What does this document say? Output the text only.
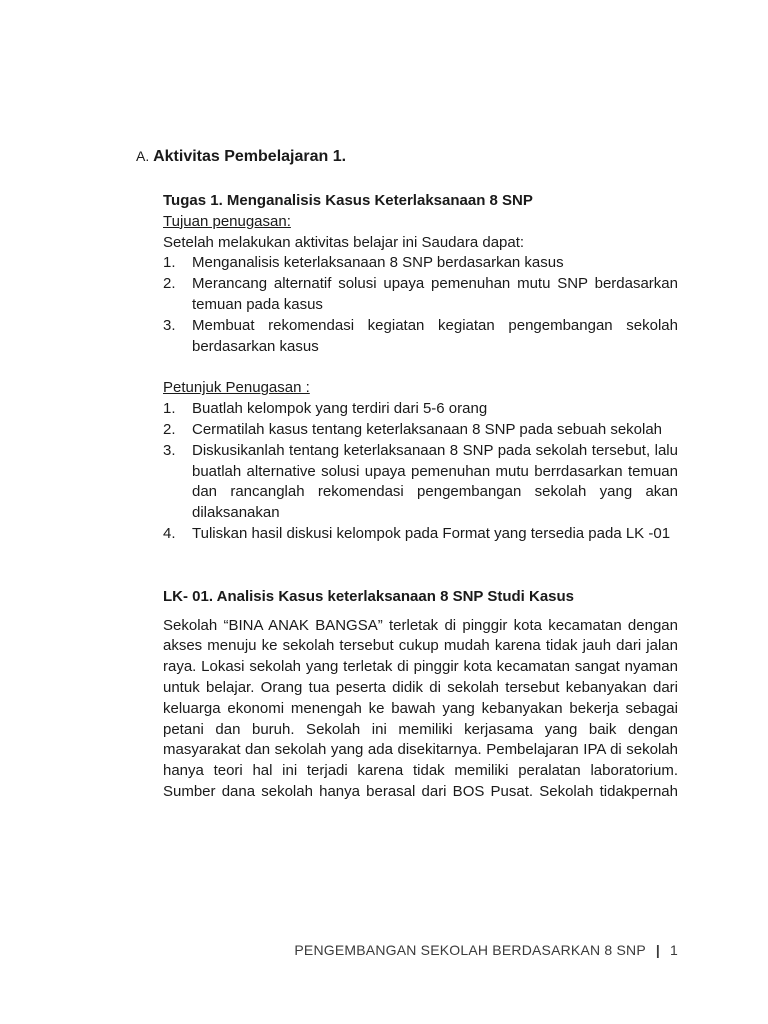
A. Aktivitas Pembelajaran 1.

Tugas 1. Menganalisis Kasus Keterlaksanaan 8 SNP

Tujuan penugasan:

Setelah melakukan aktivitas belajar ini Saudara dapat:

1. Menganalisis keterlaksanaan 8 SNP berdasarkan kasus
2. Merancang alternatif solusi upaya pemenuhan mutu SNP berdasarkan temuan pada kasus
3. Membuat rekomendasi kegiatan kegiatan pengembangan sekolah berdasarkan kasus

Petunjuk Penugasan :

1. Buatlah kelompok yang terdiri dari 5-6 orang
2. Cermatilah kasus tentang keterlaksanaan 8 SNP pada sebuah sekolah
3. Diskusikanlah tentang keterlaksanaan 8 SNP pada sekolah tersebut, lalu buatlah alternative solusi upaya pemenuhan mutu berrdasarkan temuan dan rancanglah rekomendasi pengembangan sekolah yang akan dilaksanakan
4. Tuliskan hasil diskusi kelompok pada Format yang tersedia pada LK -01

LK- 01. Analisis Kasus keterlaksanaan 8 SNP Studi Kasus

Sekolah “BINA ANAK BANGSA” terletak di pinggir kota kecamatan dengan akses menuju ke sekolah tersebut cukup mudah karena tidak jauh dari jalan raya. Lokasi sekolah yang terletak di pinggir kota kecamatan sangat nyaman untuk belajar. Orang tua peserta didik di sekolah tersebut kebanyakan dari keluarga ekonomi menengah ke bawah yang kebanyakan bekerja sebagai petani dan buruh. Sekolah ini memiliki kerjasama yang baik dengan masyarakat dan sekolah yang ada disekitarnya. Pembelajaran IPA di sekolah hanya teori hal ini terjadi karena tidak memiliki peralatan laboratorium. Sumber dana sekolah hanya berasal dari BOS Pusat. Sekolah tidakpernah

PENGEMBANGAN SEKOLAH BERDASARKAN 8 SNP | 1
